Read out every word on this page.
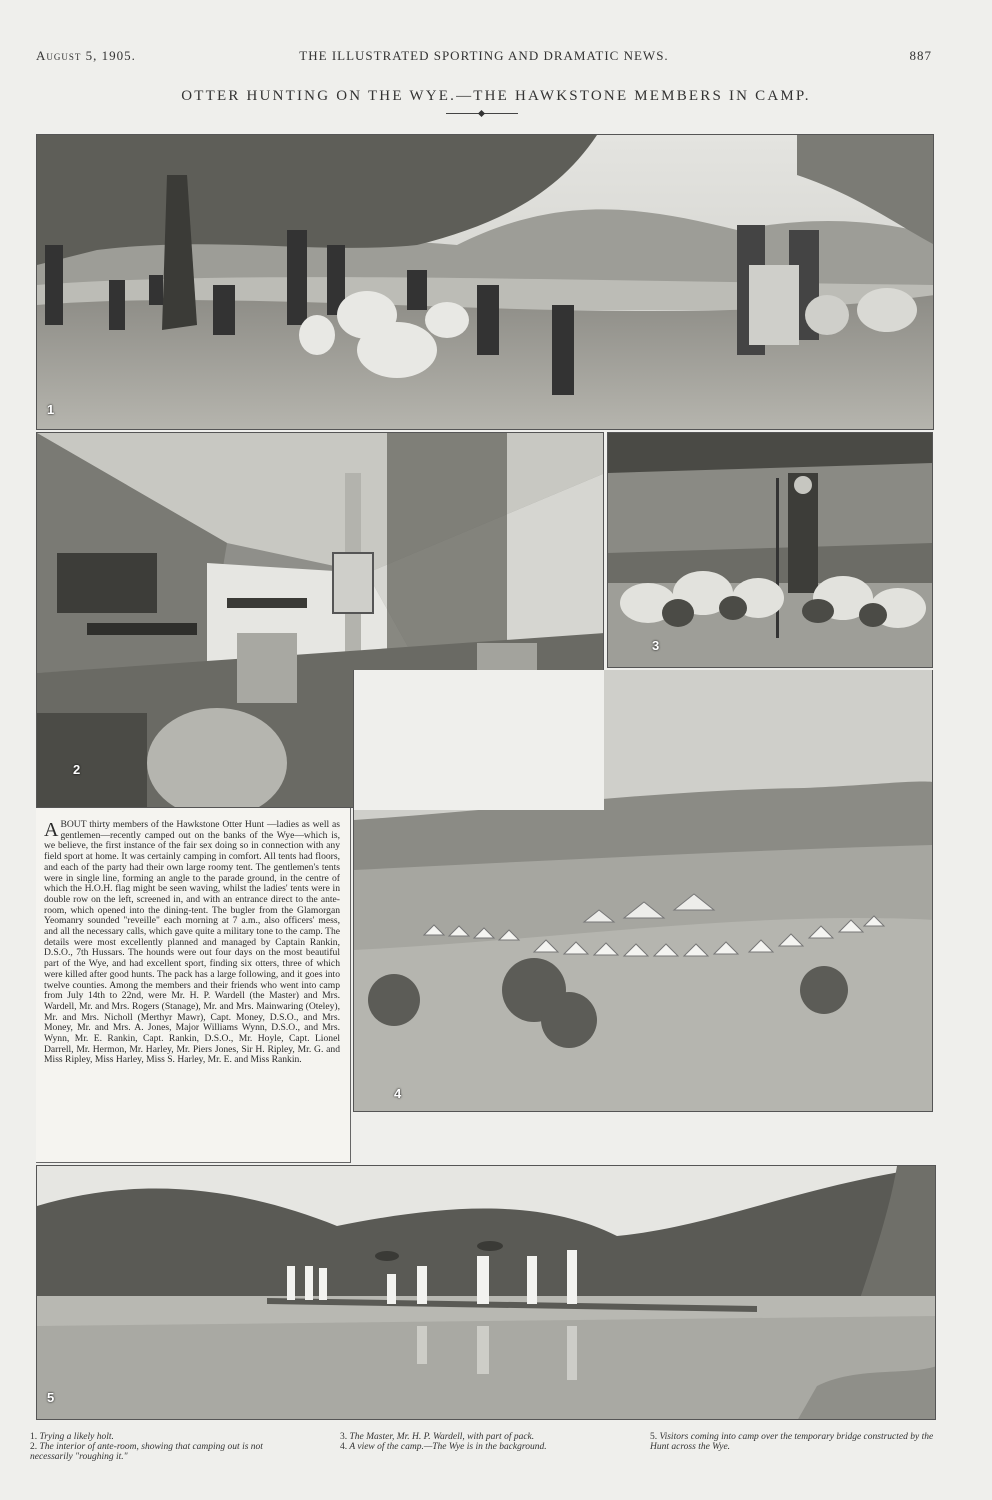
THE ILLUSTRATED SPORTING AND DRAMATIC NEWS.
August 5, 1905.	887
OTTER HUNTING ON THE WYE.—THE HAWKSTONE MEMBERS IN CAMP.
1
2
3
4

ABOUT thirty members of the Hawkstone Otter Hunt —ladies as well as gentlemen—recently camped out on the banks of the Wye—which is, we believe, the first instance of the fair sex doing so in connection with any field sport at home. It was certainly camping in comfort. All tents had floors, and each of the party had their own large roomy tent. The gentlemen's tents were in single line, forming an angle to the parade ground, in the centre of which the H.O.H. flag might be seen waving, whilst the ladies' tents were in double row on the left, screened in, and with an entrance direct to the ante-room, which opened into the dining-tent. The bugler from the Glamorgan Yeomanry sounded "reveille" each morning at 7 a.m., also officers' mess, and all the necessary calls, which gave quite a military tone to the camp. The details were most excellently planned and managed by Captain Rankin, D.S.O., 7th Hussars. The hounds were out four days on the most beautiful part of the Wye, and had excellent sport, finding six otters, three of which were killed after good hunts. The pack has a large following, and it goes into twelve counties. Among the members and their friends who went into camp from July 14th to 22nd, were Mr. H. P. Wardell (the Master) and Mrs. Wardell, Mr. and Mrs. Rogers (Stanage), Mr. and Mrs. Mainwaring (Oteley), Mr. and Mrs. Nicholl (Merthyr Mawr), Capt. Money, D.S.O., and Mrs. Money, Mr. and Mrs. A. Jones, Major Williams Wynn, D.S.O., and Mrs. Wynn, Mr. E. Rankin, Capt. Rankin, D.S.O., Mr. Hoyle, Capt. Lionel Darrell, Mr. Hermon, Mr. Harley, Mr. Piers Jones, Sir H. Ripley, Mr. G. and Miss Ripley, Miss Harley, Miss S. Harley, Mr. E. and Miss Rankin.

5
1. Trying a likely holt.
2. The interior of ante-room, showing that camping out is not necessarily "roughing it."
3. The Master, Mr. H. P. Wardell, with part of pack.
4. A view of the camp.—The Wye is in the background.
5. Visitors coming into camp over the temporary bridge constructed by the Hunt across the Wye.
